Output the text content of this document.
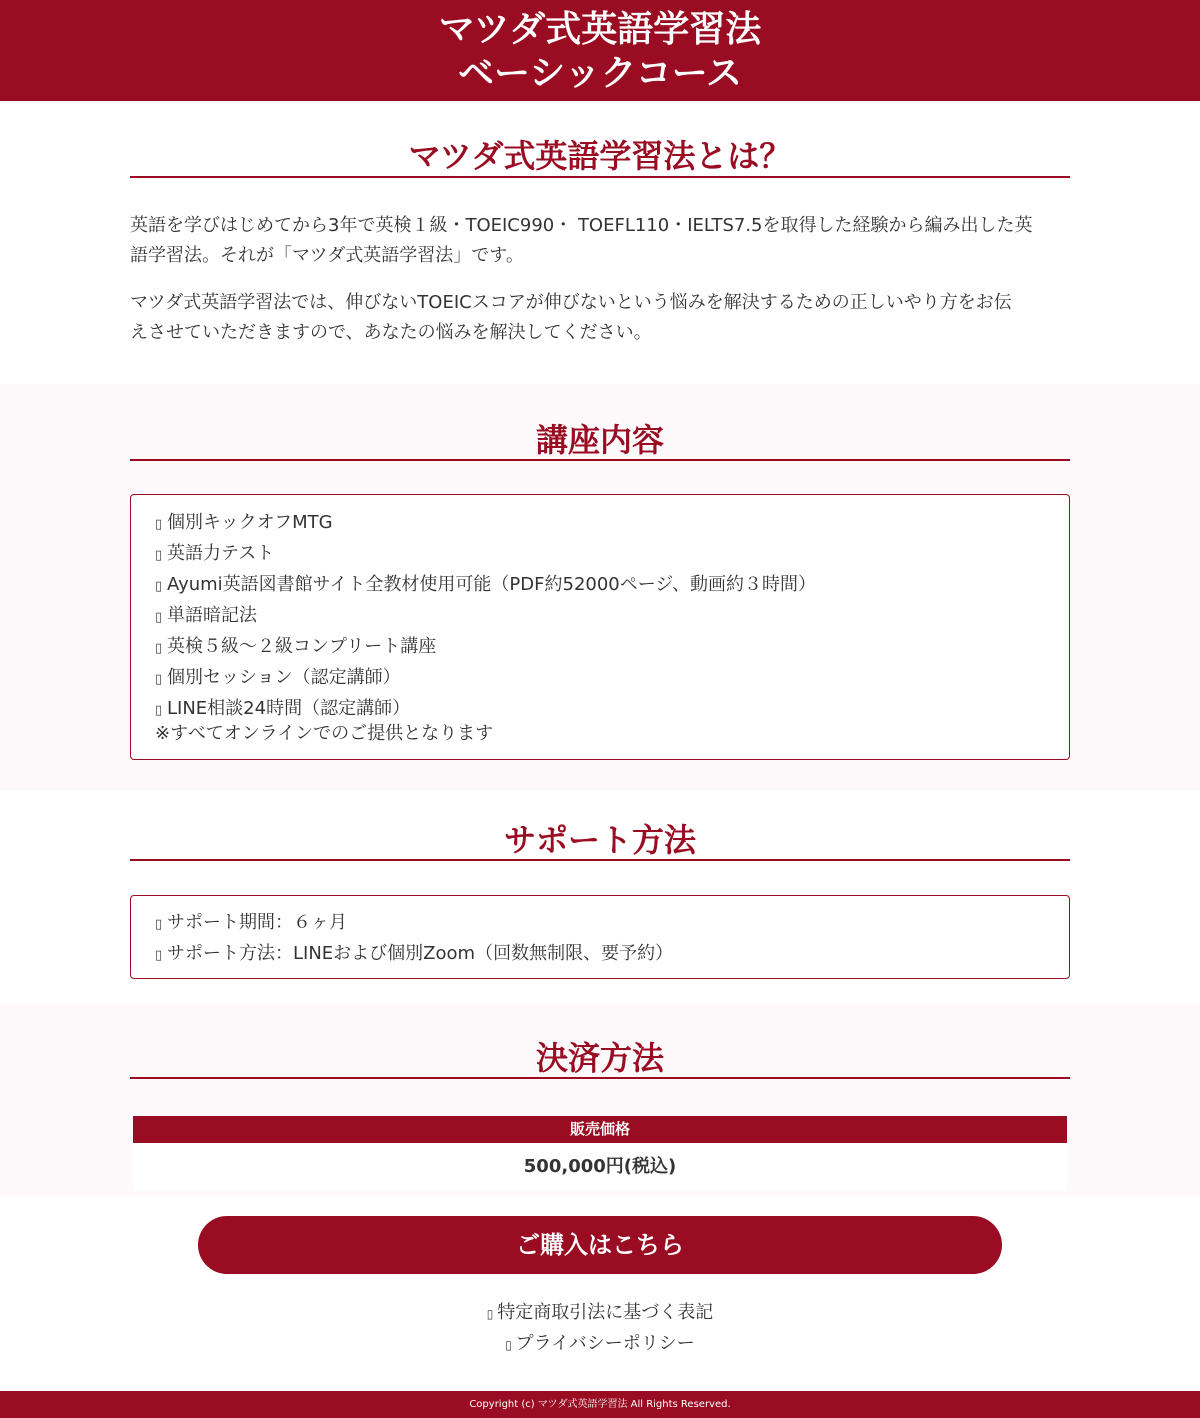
マツダ式英語学習法
ベーシックコース
マツダ式英語学習法とは？
英語を学びはじめてから3年で英検１級・TOEIC990・ TOEFL110・IELTS7.5を取得した経験から編み出した英
語学習法。それが「マツダ式英語学習法」です。
マツダ式英語学習法では、伸びないTOEICスコアが伸びないという悩みを解決するための正しいやり方をお伝
えさせていただきますので、あなたの悩みを解決してください。
講座内容
▯ 個別キックオフMTG
▯ 英語力テスト
▯ Ayumi英語図書館サイト全教材使用可能（PDF約52000ページ、動画約３時間）
▯ 単語暗記法
▯ 英検５級～２級コンプリート講座
▯ 個別セッション（認定講師）
▯ LINE相談24時間（認定講師）
※すべてオンラインでのご提供となります
サポート方法
▯ サポート期間：６ヶ月
▯ サポート方法：LINEおよび個別Zoom（回数無制限、要予約）
決済方法
販売価格
500,000円(税込)
ご購入はこちら
▯ 特定商取引法に基づく表記
▯ プライバシーポリシー
Copyright (c) マツダ式英語学習法 All Rights Reserved.
